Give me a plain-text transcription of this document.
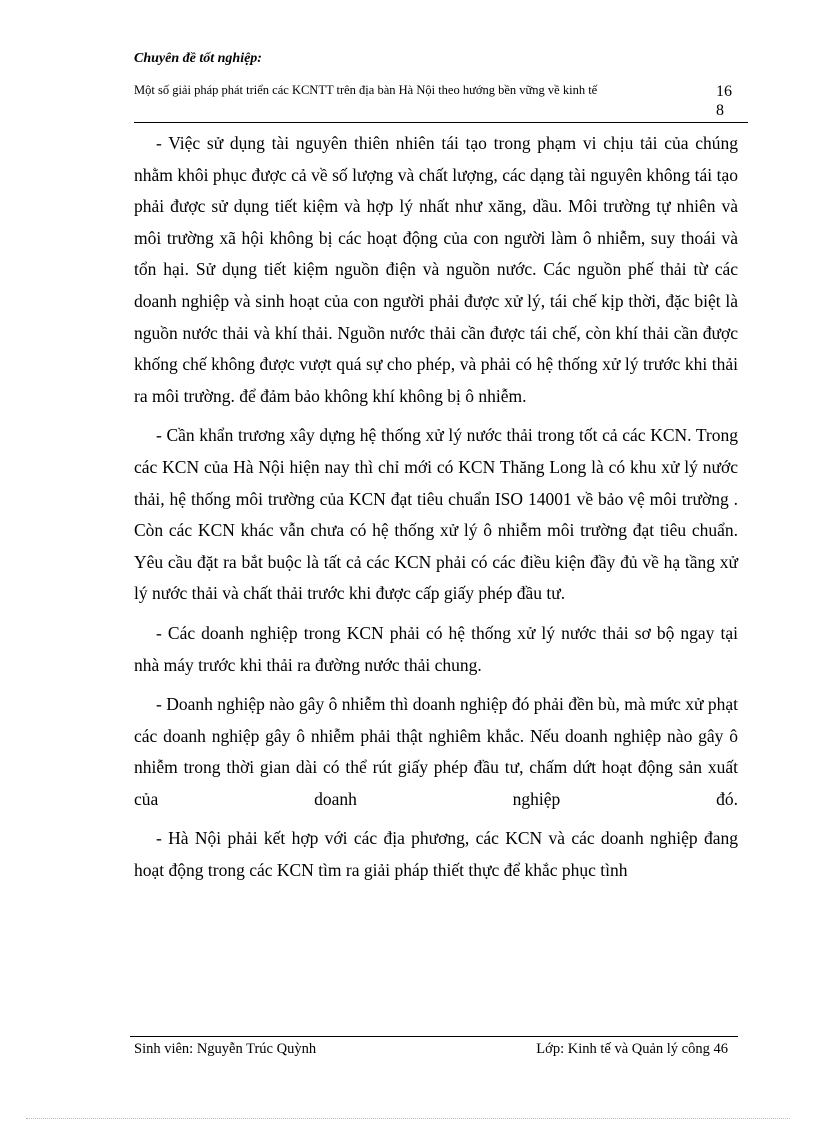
Chuyên đề tốt nghiệp:
Một số giải pháp phát triển các KCNTT trên địa bàn Hà Nội theo hướng bền vững về kinh tế	168

- Việc sử dụng tài nguyên thiên nhiên tái tạo trong phạm vi chịu tải của chúng nhằm khôi phục được cả về số lượng và chất lượng, các dạng tài nguyên không tái tạo phải được sử dụng tiết kiệm và hợp lý nhất như xăng, dầu. Môi trường tự nhiên và môi trường xã hội không bị các hoạt động của con người làm ô nhiễm, suy thoái và tổn hại. Sử dụng tiết kiệm nguồn điện và nguồn nước. Các nguồn phế thải từ các doanh nghiệp và sinh hoạt của con người phải được xử lý, tái chế kịp thời, đặc biệt là nguồn nước thải và khí thải. Nguồn nước thải cần được tái chế, còn khí thải cần được khống chế không được vượt quá sự cho phép, và phải có hệ thống xử lý trước khi thải ra môi trường. để đảm bảo không khí không bị ô nhiễm.

- Cần khẩn trương xây dựng hệ thống xử lý nước thải trong tốt cả các KCN. Trong các KCN của Hà Nội hiện nay thì chỉ mới có KCN Thăng Long là có khu xử lý nước thải, hệ thống môi trường của KCN đạt tiêu chuẩn ISO 14001 về bảo vệ môi trường . Còn các KCN khác vẫn chưa có hệ thống xử lý ô nhiễm môi trường đạt tiêu chuẩn. Yêu cầu đặt ra bắt buộc là tất cả các KCN phải có các điều kiện đầy đủ về hạ tầng xử lý nước thải và chất thải trước khi được cấp giấy phép đầu tư.

- Các doanh nghiệp trong KCN phải có hệ thống xử lý nước thải sơ bộ ngay tại nhà máy trước khi thải ra đường nước thải chung.

- Doanh nghiệp nào gây ô nhiễm thì doanh nghiệp đó phải đền bù, mà mức xử phạt các doanh nghiệp gây ô nhiễm phải thật nghiêm khắc. Nếu doanh nghiệp nào gây ô nhiễm trong thời gian dài có thể rút giấy phép đầu tư, chấm dứt hoạt động sản xuất của doanh nghiệp đó.

- Hà Nội phải kết hợp với các địa phương, các KCN và các doanh nghiệp đang hoạt động trong các KCN tìm ra giải pháp thiết thực để khắc phục tình

Sinh viên: Nguyễn Trúc Quỳnh	Lớp: Kinh tế và Quản lý công 46
